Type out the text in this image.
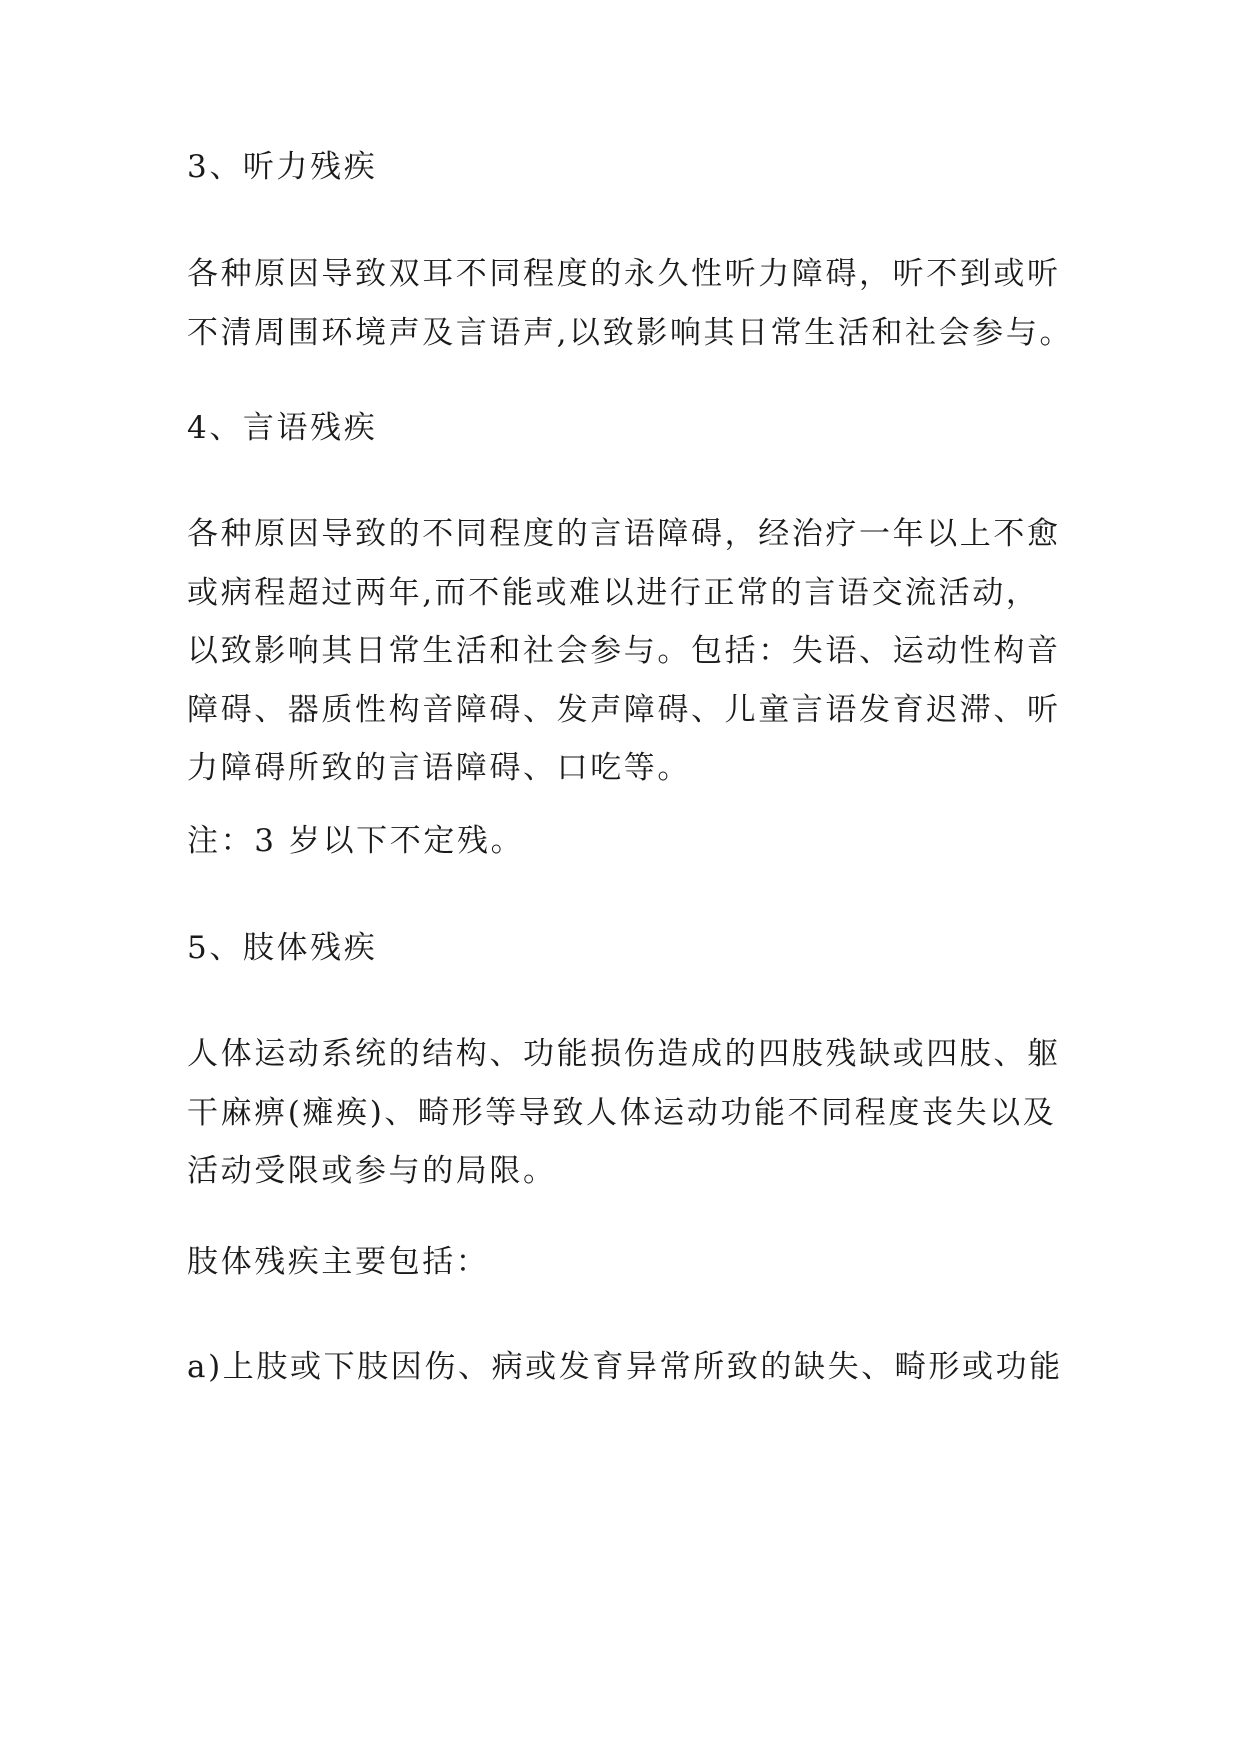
3、听力残疾
各种原因导致双耳不同程度的永久性听力障碍，听不到或听
不清周围环境声及言语声,以致影响其日常生活和社会参与。
4、言语残疾
各种原因导致的不同程度的言语障碍，经治疗一年以上不愈
或病程超过两年,而不能或难以进行正常的言语交流活动，
以致影响其日常生活和社会参与。包括：失语、运动性构音
障碍、器质性构音障碍、发声障碍、儿童言语发育迟滞、听
力障碍所致的言语障碍、口吃等。
注：3 岁以下不定残。
5、肢体残疾
人体运动系统的结构、功能损伤造成的四肢残缺或四肢、躯
干麻痹(瘫痪)、畸形等导致人体运动功能不同程度丧失以及
活动受限或参与的局限。
肢体残疾主要包括：
a)上肢或下肢因伤、病或发育异常所致的缺失、畸形或功能
